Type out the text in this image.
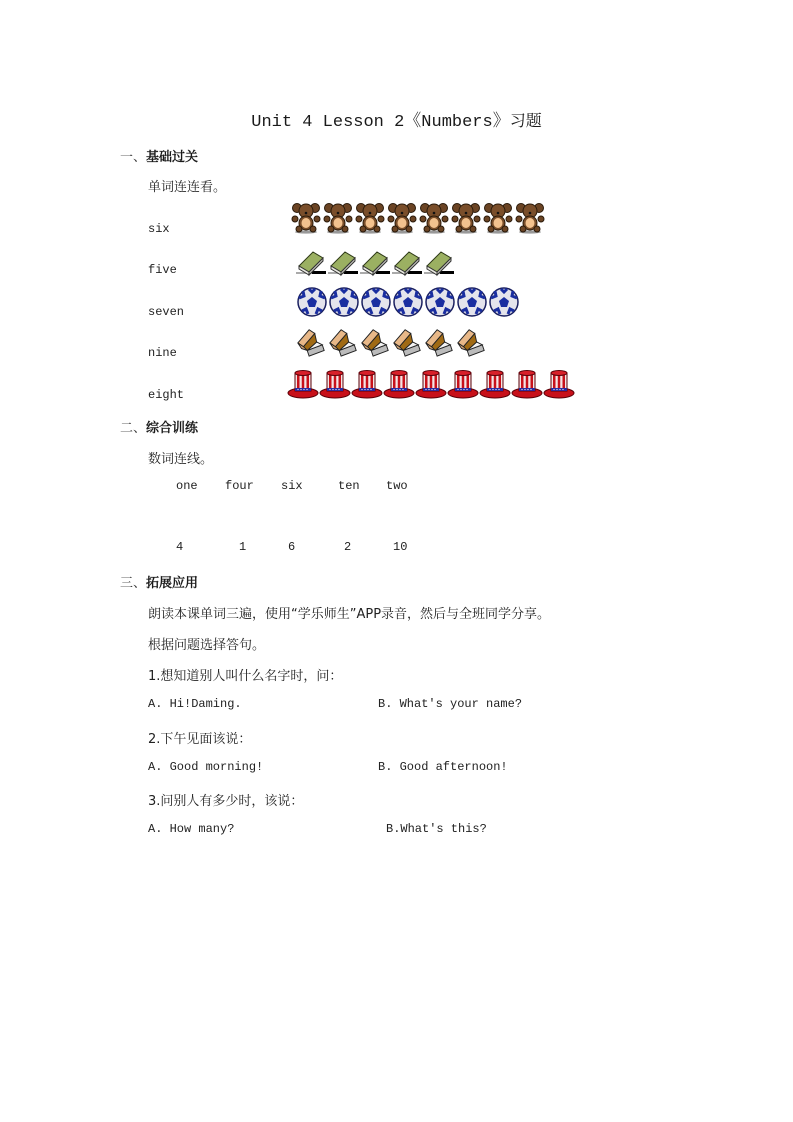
Unit 4 Lesson 2《Numbers》习题
一、基础过关
单词连连看。
six
five
seven
nine
eight
二、综合训练
数词连线。
one four six	ten two
4	1	6	2	10
三、拓展应用
朗读本课单词三遍，使用“学乐师生”APP录音，然后与全班同学分享。
根据问题选择答句。
1.想知道别人叫什么名字时，问：
A. Hi!Daming.	B. What's your name?
2.下午见面该说：
A. Good morning!	B. Good afternoon!
3.问别人有多少时，该说：
A. How many?	B.What's this?
